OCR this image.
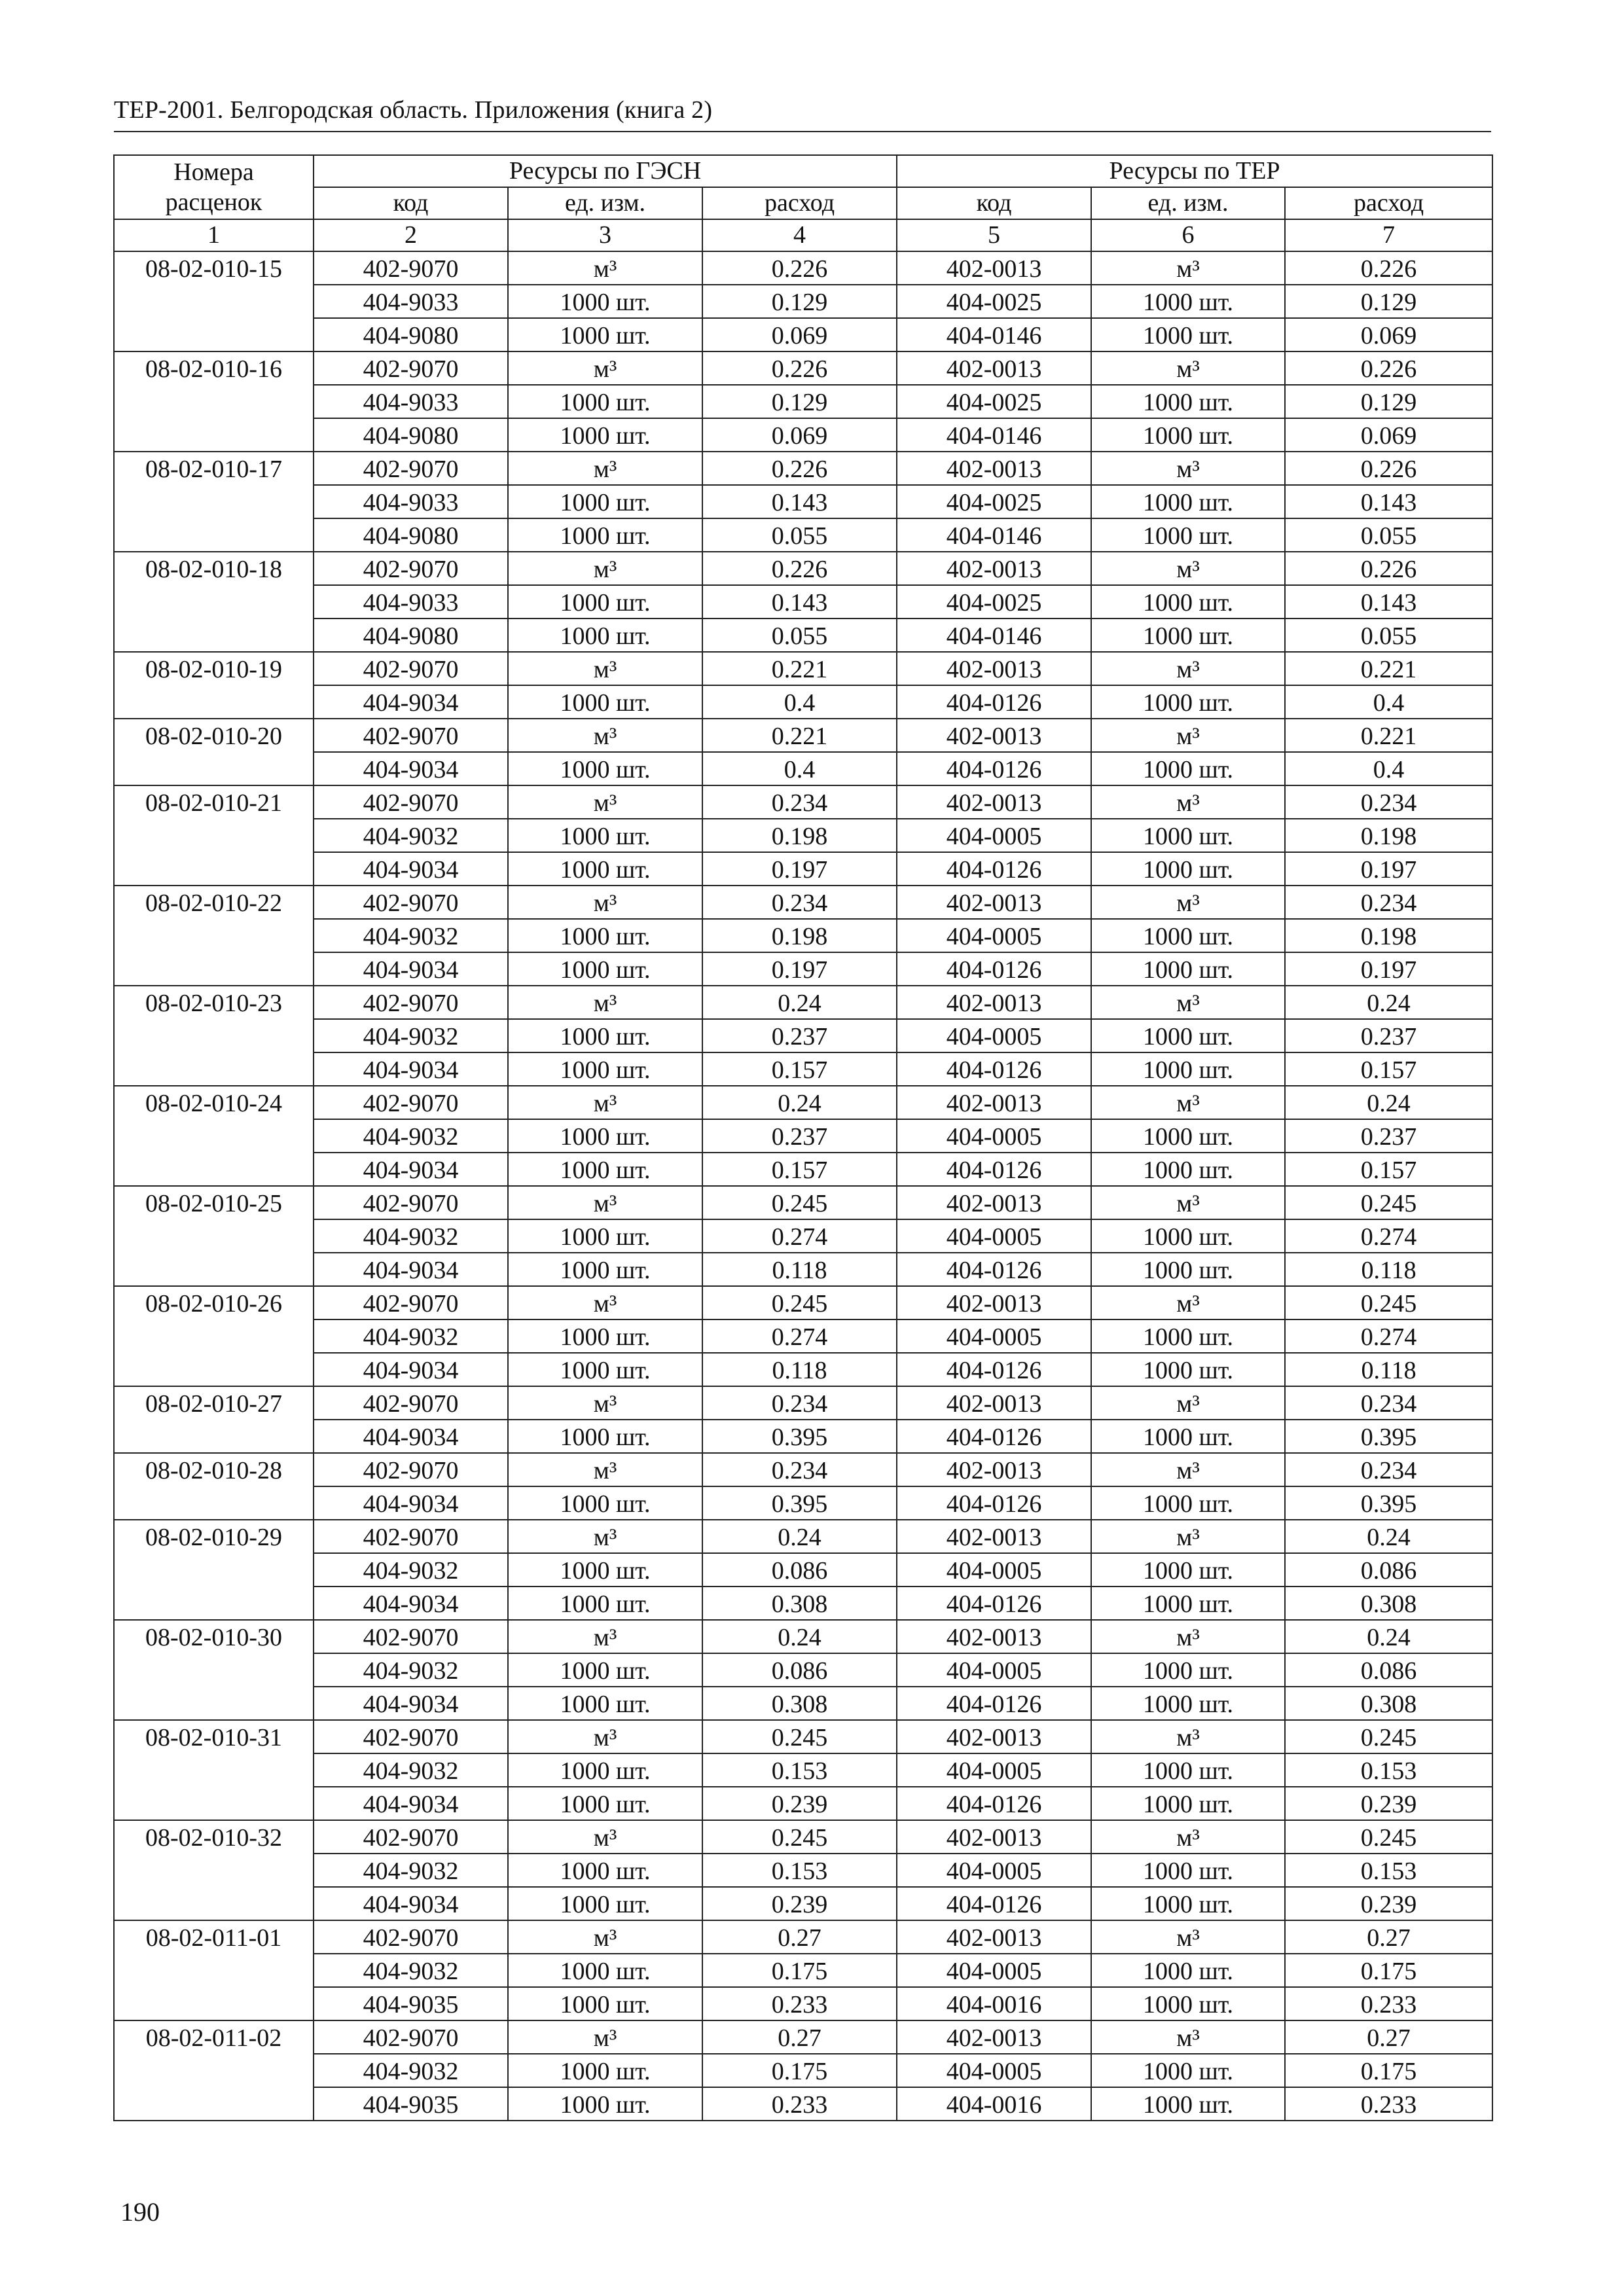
ТЕР-2001. Белгородская область. Приложения (книга 2)
Номера расценок	Ресурсы по ГЭСН			Ресурсы по ТЕР		
	код	ед. изм.	расход	код	ед. изм.	расход
1	2	3	4	5	6	7
08-02-010-15	402-9070	м³	0.226	402-0013	м³	0.226
	404-9033	1000 шт.	0.129	404-0025	1000 шт.	0.129
	404-9080	1000 шт.	0.069	404-0146	1000 шт.	0.069
08-02-010-16	402-9070	м³	0.226	402-0013	м³	0.226
	404-9033	1000 шт.	0.129	404-0025	1000 шт.	0.129
	404-9080	1000 шт.	0.069	404-0146	1000 шт.	0.069
08-02-010-17	402-9070	м³	0.226	402-0013	м³	0.226
	404-9033	1000 шт.	0.143	404-0025	1000 шт.	0.143
	404-9080	1000 шт.	0.055	404-0146	1000 шт.	0.055
08-02-010-18	402-9070	м³	0.226	402-0013	м³	0.226
	404-9033	1000 шт.	0.143	404-0025	1000 шт.	0.143
	404-9080	1000 шт.	0.055	404-0146	1000 шт.	0.055
08-02-010-19	402-9070	м³	0.221	402-0013	м³	0.221
	404-9034	1000 шт.	0.4	404-0126	1000 шт.	0.4
08-02-010-20	402-9070	м³	0.221	402-0013	м³	0.221
	404-9034	1000 шт.	0.4	404-0126	1000 шт.	0.4
08-02-010-21	402-9070	м³	0.234	402-0013	м³	0.234
	404-9032	1000 шт.	0.198	404-0005	1000 шт.	0.198
	404-9034	1000 шт.	0.197	404-0126	1000 шт.	0.197
08-02-010-22	402-9070	м³	0.234	402-0013	м³	0.234
	404-9032	1000 шт.	0.198	404-0005	1000 шт.	0.198
	404-9034	1000 шт.	0.197	404-0126	1000 шт.	0.197
08-02-010-23	402-9070	м³	0.24	402-0013	м³	0.24
	404-9032	1000 шт.	0.237	404-0005	1000 шт.	0.237
	404-9034	1000 шт.	0.157	404-0126	1000 шт.	0.157
08-02-010-24	402-9070	м³	0.24	402-0013	м³	0.24
	404-9032	1000 шт.	0.237	404-0005	1000 шт.	0.237
	404-9034	1000 шт.	0.157	404-0126	1000 шт.	0.157
08-02-010-25	402-9070	м³	0.245	402-0013	м³	0.245
	404-9032	1000 шт.	0.274	404-0005	1000 шт.	0.274
	404-9034	1000 шт.	0.118	404-0126	1000 шт.	0.118
08-02-010-26	402-9070	м³	0.245	402-0013	м³	0.245
	404-9032	1000 шт.	0.274	404-0005	1000 шт.	0.274
	404-9034	1000 шт.	0.118	404-0126	1000 шт.	0.118
08-02-010-27	402-9070	м³	0.234	402-0013	м³	0.234
	404-9034	1000 шт.	0.395	404-0126	1000 шт.	0.395
08-02-010-28	402-9070	м³	0.234	402-0013	м³	0.234
	404-9034	1000 шт.	0.395	404-0126	1000 шт.	0.395
08-02-010-29	402-9070	м³	0.24	402-0013	м³	0.24
	404-9032	1000 шт.	0.086	404-0005	1000 шт.	0.086
	404-9034	1000 шт.	0.308	404-0126	1000 шт.	0.308
08-02-010-30	402-9070	м³	0.24	402-0013	м³	0.24
	404-9032	1000 шт.	0.086	404-0005	1000 шт.	0.086
	404-9034	1000 шт.	0.308	404-0126	1000 шт.	0.308
08-02-010-31	402-9070	м³	0.245	402-0013	м³	0.245
	404-9032	1000 шт.	0.153	404-0005	1000 шт.	0.153
	404-9034	1000 шт.	0.239	404-0126	1000 шт.	0.239
08-02-010-32	402-9070	м³	0.245	402-0013	м³	0.245
	404-9032	1000 шт.	0.153	404-0005	1000 шт.	0.153
	404-9034	1000 шт.	0.239	404-0126	1000 шт.	0.239
08-02-011-01	402-9070	м³	0.27	402-0013	м³	0.27
	404-9032	1000 шт.	0.175	404-0005	1000 шт.	0.175
	404-9035	1000 шт.	0.233	404-0016	1000 шт.	0.233
08-02-011-02	402-9070	м³	0.27	402-0013	м³	0.27
	404-9032	1000 шт.	0.175	404-0005	1000 шт.	0.175
	404-9035	1000 шт.	0.233	404-0016	1000 шт.	0.233
190
